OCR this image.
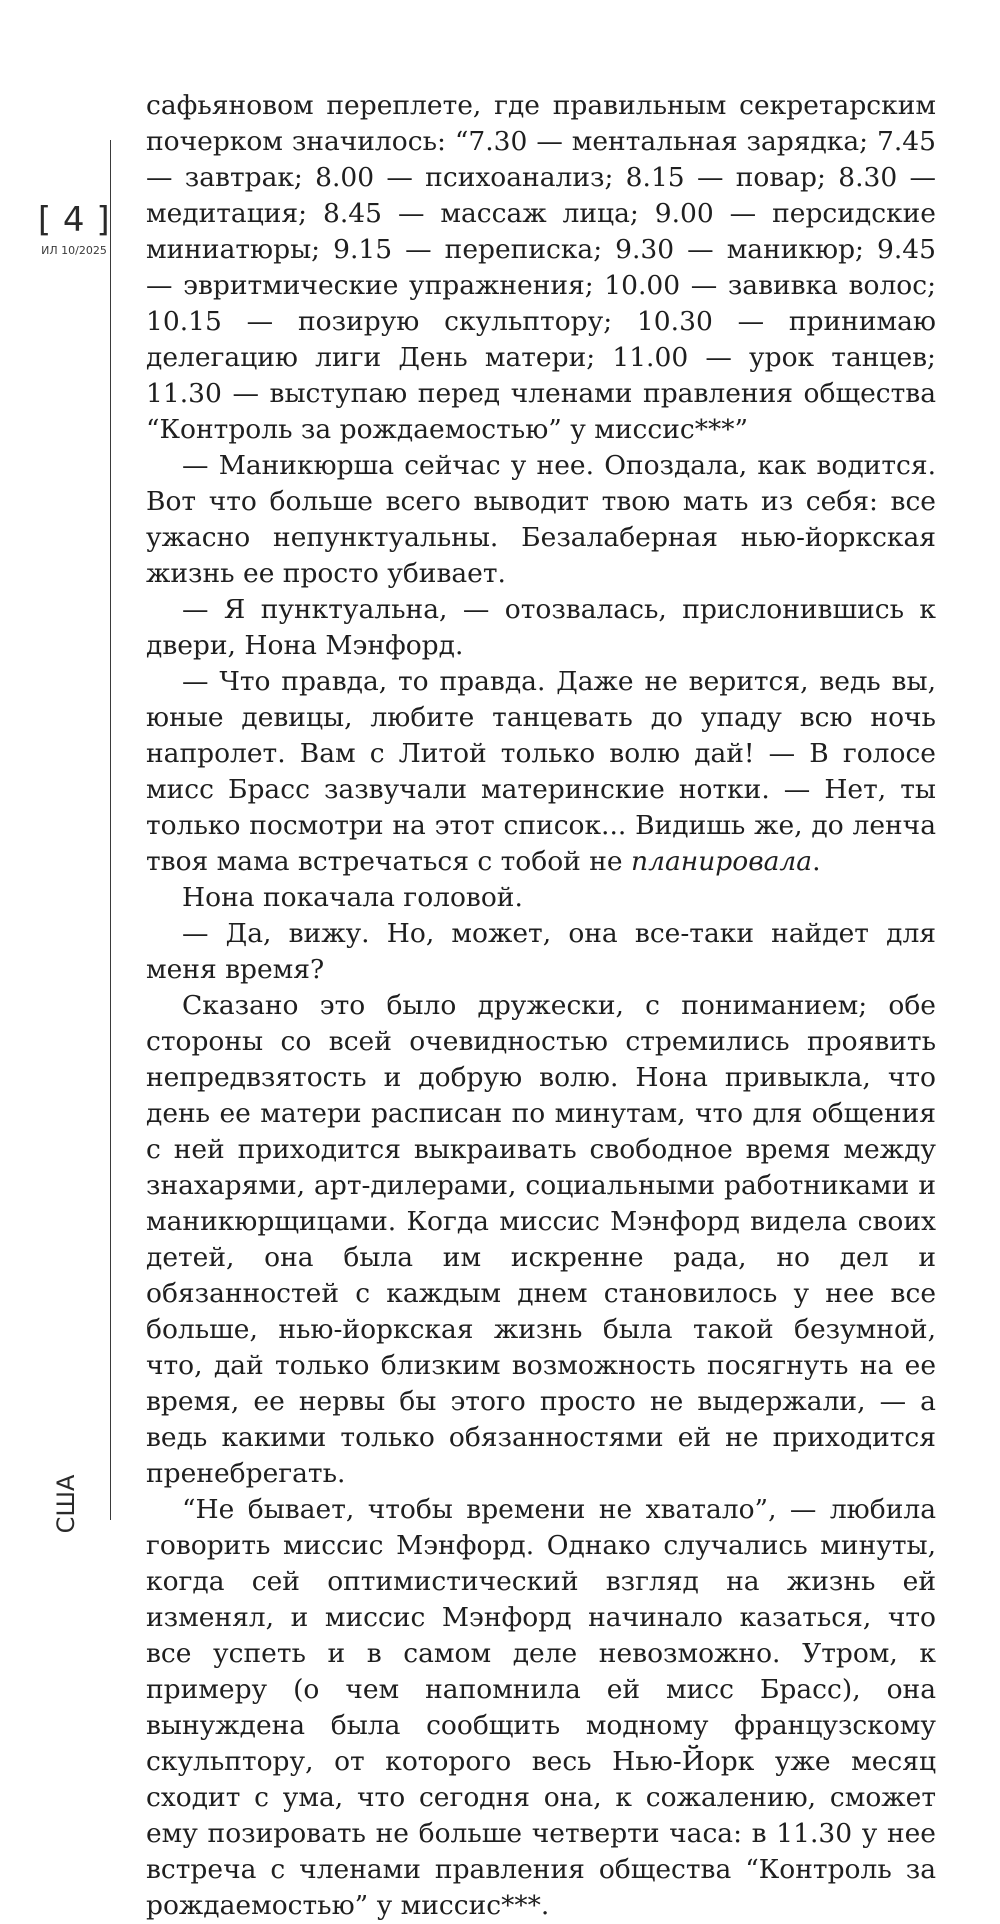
[ 4 ]
ИЛ 10/2025
США

сафьяновом переплете, где правильным секретарским почерком значилось: “7.30 — ментальная зарядка; 7.45 — завтрак; 8.00 — психоанализ; 8.15 — повар; 8.30 — медитация; 8.45 — массаж лица; 9.00 — персидские миниатюры; 9.15 — переписка; 9.30 — маникюр; 9.45 — эвритмические упражнения; 10.00 — завивка волос; 10.15 — позирую скульптору; 10.30 — принимаю делегацию лиги День матери; 11.00 — урок танцев; 11.30 — выступаю перед членами правления общества “Контроль за рождаемостью” у миссис***”

— Маникюрша сейчас у нее. Опоздала, как водится. Вот что больше всего выводит твою мать из себя: все ужасно непунктуальны. Безалаберная нью-йоркская жизнь ее просто убивает.

— Я пунктуальна, — отозвалась, прислонившись к двери, Нона Мэнфорд.

— Что правда, то правда. Даже не верится, ведь вы, юные девицы, любите танцевать до упаду всю ночь напролет. Вам с Литой только волю дай! — В голосе мисс Брасс зазвучали материнские нотки. — Нет, ты только посмотри на этот список... Видишь же, до ленча твоя мама встречаться с тобой не планировала.

Нона покачала головой.

— Да, вижу. Но, может, она все-таки найдет для меня время?

Сказано это было дружески, с пониманием; обе стороны со всей очевидностью стремились проявить непредвзятость и добрую волю. Нона привыкла, что день ее матери расписан по минутам, что для общения с ней приходится выкраивать свободное время между знахарями, арт-дилерами, социальными работниками и маникюрщицами. Когда миссис Мэнфорд видела своих детей, она была им искренне рада, но дел и обязанностей с каждым днем становилось у нее все больше, нью-йоркская жизнь была такой безумной, что, дай только близким возможность посягнуть на ее время, ее нервы бы этого просто не выдержали, — а ведь какими только обязанностями ей не приходится пренебрегать.

“Не бывает, чтобы времени не хватало”, — любила говорить миссис Мэнфорд. Однако случались минуты, когда сей оптимистический взгляд на жизнь ей изменял, и миссис Мэнфорд начинало казаться, что все успеть и в самом деле невозможно. Утром, к примеру (о чем напомнила ей мисс Брасс), она вынуждена была сообщить модному французскому скульптору, от которого весь Нью-Йорк уже месяц сходит с ума, что сегодня она, к сожалению, сможет ему позировать не больше четверти часа: в 11.30 у нее встреча с членами правления общества “Контроль за рождаемостью” у миссис***.
